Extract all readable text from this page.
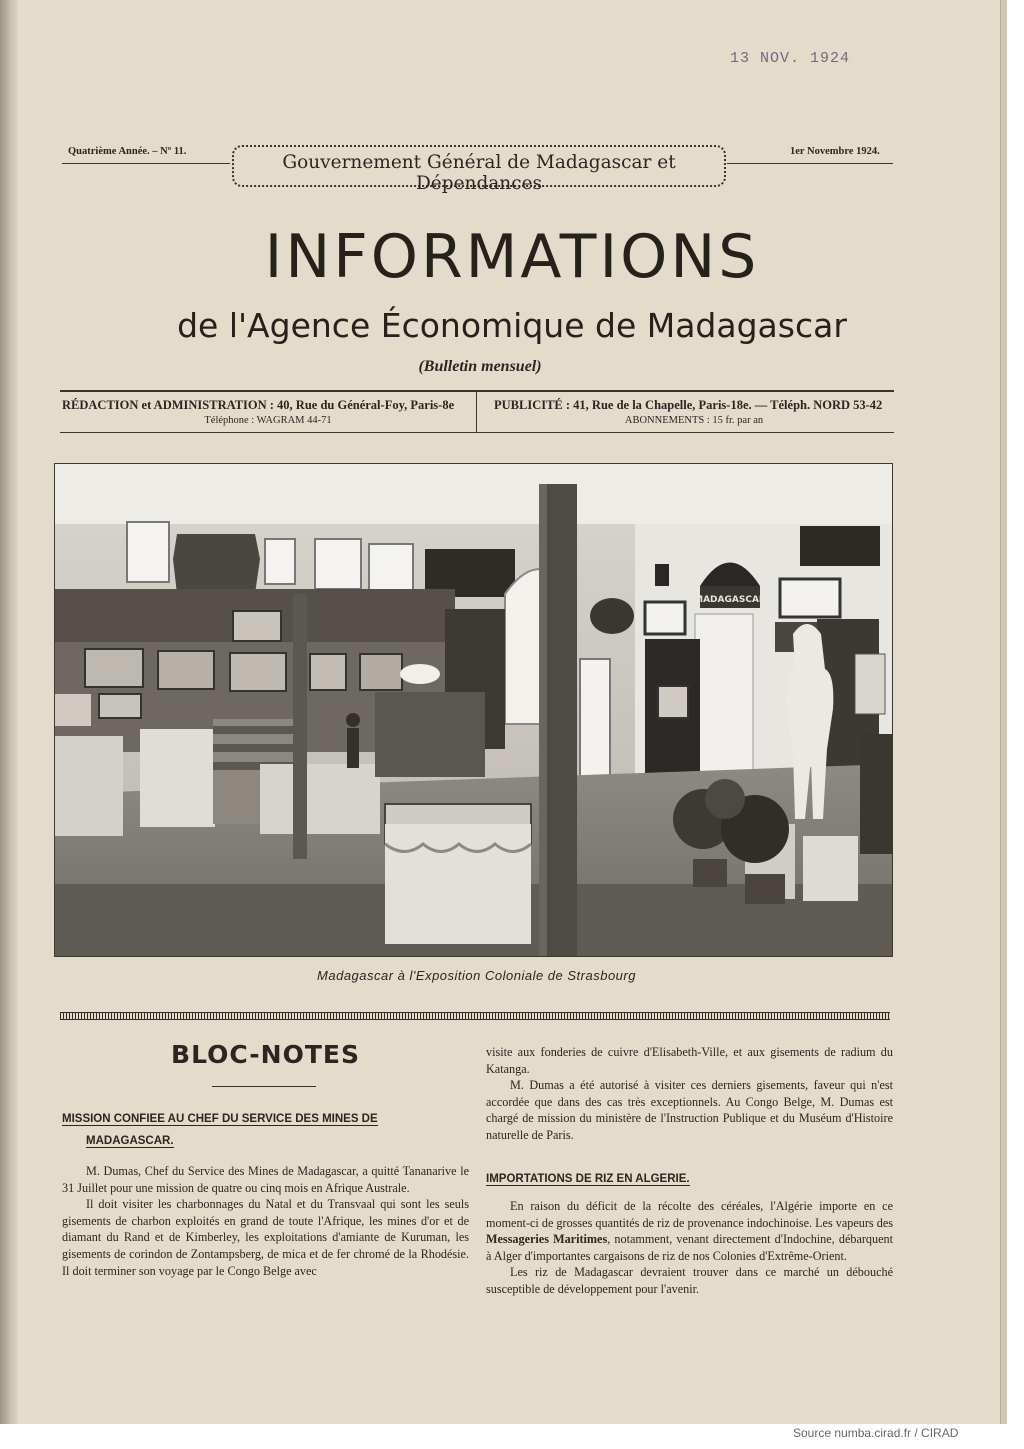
13 NOV. 1924
Quatrième Année. – Nº 11.
Gouvernement Général de Madagascar et Dépendances
1er Novembre 1924.
INFORMATIONS
de l'Agence Économique de Madagascar
(Bulletin mensuel)
RÉDACTION et ADMINISTRATION : 40, Rue du Général-Foy, Paris-8e
Téléphone : WAGRAM 44-71
PUBLICITÉ : 41, Rue de la Chapelle, Paris-18e. — Téléph. NORD 53-42
ABONNEMENTS : 15 fr. par an
MADAGASCAR
Madagascar à l'Exposition Coloniale de Strasbourg
BLOC-NOTES
MISSION CONFIEE AU CHEF DU SERVICE DES MINES DE
MADAGASCAR.

M. Dumas, Chef du Service des Mines de Madagascar, a quitté Tananarive le 31 Juillet pour une mission de quatre ou cinq mois en Afrique Australe.

Il doit visiter les charbonnages du Natal et du Transvaal qui sont les seuls gisements de charbon exploités en grand de toute l'Afrique, les mines d'or et de diamant du Rand et de Kimberley, les exploitations d'amiante de Kuruman, les gisements de corindon de Zontampsberg, de mica et de fer chromé de la Rhodésie. Il doit terminer son voyage par le Congo Belge avec

visite aux fonderies de cuivre d'Elisabeth-Ville, et aux gisements de radium du Katanga.

M. Dumas a été autorisé à visiter ces derniers gisements, faveur qui n'est accordée que dans des cas très exceptionnels. Au Congo Belge, M. Dumas est chargé de mission du ministère de l'Instruction Publique et du Muséum d'Histoire naturelle de Paris.

IMPORTATIONS DE RIZ EN ALGERIE.

En raison du déficit de la récolte des céréales, l'Algérie importe en ce moment-ci de grosses quantités de riz de provenance indochinoise. Les vapeurs des Messageries Maritimes, notamment, venant directement d'Indochine, débarquent à Alger d'importantes cargaisons de riz de nos Colonies d'Extrême-Orient.

Les riz de Madagascar devraient trouver dans ce marché un débouché susceptible de développement pour l'avenir.

Source numba.cirad.fr / CIRAD
